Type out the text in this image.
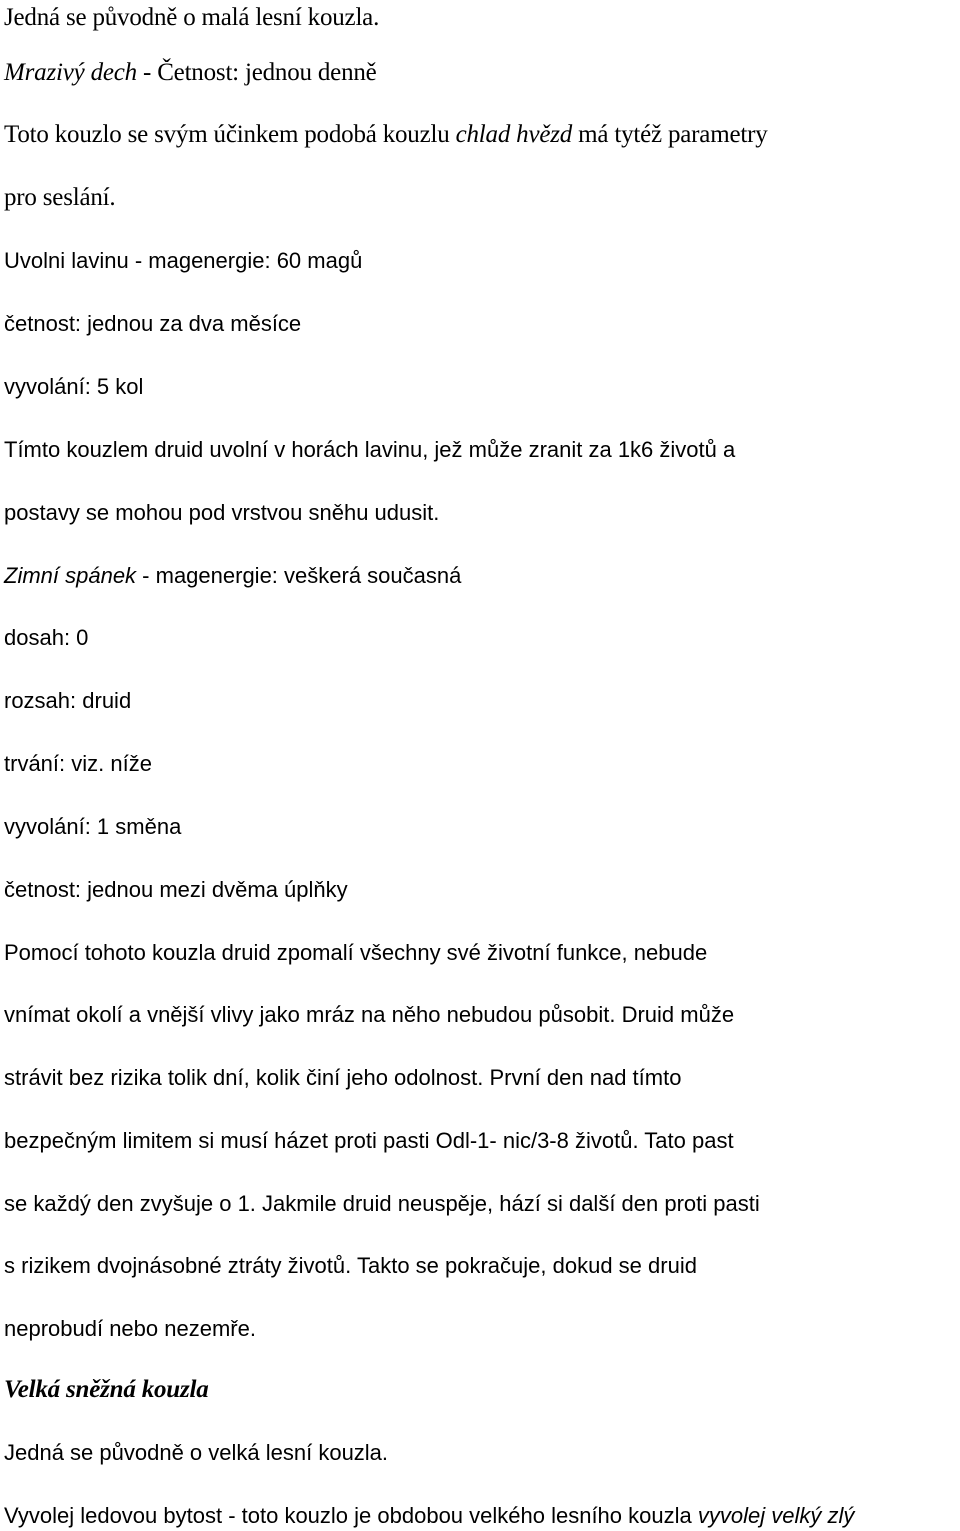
Jedná se původně o malá lesní kouzla.
Mrazivý dech - Četnost: jednou denně
Toto kouzlo se svým účinkem podobá kouzlu chlad hvězd má tytéž parametry
pro seslání.
Uvolni lavinu - magenergie: 60 magů
četnost: jednou za dva měsíce
vyvolání: 5 kol
Tímto kouzlem druid uvolní v horách lavinu, jež může zranit za 1k6 životů a
postavy se mohou pod vrstvou sněhu udusit.
Zimní spánek - magenergie: veškerá současná
dosah: 0
rozsah: druid
trvání: viz. níže
vyvolání: 1 směna
četnost: jednou mezi dvěma úplňky
Pomocí tohoto kouzla druid zpomalí všechny své životní funkce, nebude
vnímat okolí a vnější vlivy jako mráz na něho nebudou působit. Druid může
strávit bez rizika tolik dní, kolik činí jeho odolnost. První den nad tímto
bezpečným limitem si musí házet proti pasti Odl-1- nic/3-8 životů. Tato past
se každý den zvyšuje o 1. Jakmile druid neuspěje, hází si další den proti pasti
s rizikem dvojnásobné ztráty životů. Takto se pokračuje, dokud se druid
neprobudí nebo nezemře.
Velká sněžná kouzla
Jedná se původně o velká lesní kouzla.
Vyvolej ledovou bytost - toto kouzlo je obdobou velkého lesního kouzla vyvolej velký zlý
